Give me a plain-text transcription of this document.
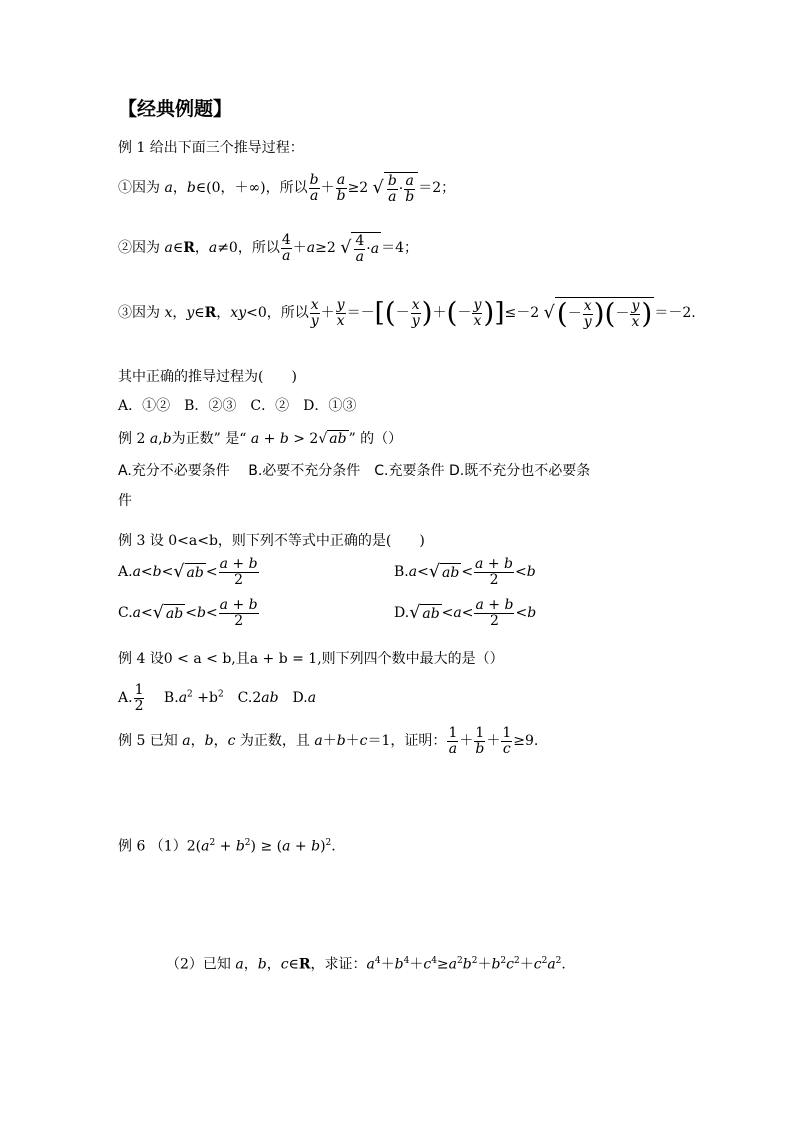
【经典例题】
例 1 给出下面三个推导过程：
①因为 a，b∈(0，＋∞)，所以 $\frac{b}{a} + \frac{a}{b} \ge 2$ √ $\frac{b}{a} \cdot \frac{a}{b} =2$；
②因为 a∈R，a≠0，所以 $\frac{4}{a} +a\ge 2$ √ $\frac{4}{a} \cdot a =4$；
③因为 x，y∈R，xy<0，所以 $\frac{x}{y} + \frac{y}{x}$ ＝－[(－ $\frac{x}{y}$ )＋(－ $\frac{y}{x} )]\le-2$ √(－ $\frac{x}{y}$ )(－ $\frac{y}{x}$ ) ＝－2.
其中正确的推导过程为(　　)
A．①②　B．②③　C．②　D．①③
例 2 a,b为正数” 是“ a + b > 2√ ab ” 的（）
A.充分不必要条件　 B.必要不充分条件　C.充要条件 D.既不充分也不必要条
件
例 3 设 0<a<b，则下列不等式中正确的是(　　)
A.a<b<√ ab < $\frac{a + b}{2}$	B.a<√ ab < $\frac{a + b}{2} <b$
C.a<√ ab $<b< \frac{a + b}{2}$	D.√ ab $<a< \frac{a + b}{2} <b$
例 4 设0 < a < b,且a + b = 1,则下列四个数中最大的是（）
A. $\frac{1}{2}$ 　 $B.a^2 +b^2$　C.2ab　D.a
例 5 已知 a，b，c 为正数，且 a＋b＋c＝1，证明： $\frac{1}{a} + \frac{1}{b} + \frac{1}{c} \ge 9$.
例 6 $(1)2(a^2 + b^2) \ge (a + b)^2$.
（2）已知 a，b，c∈R，求证：$a^4+b^4+c^4\ge a^2b^2+b^2c^2+c^2a^2$.
